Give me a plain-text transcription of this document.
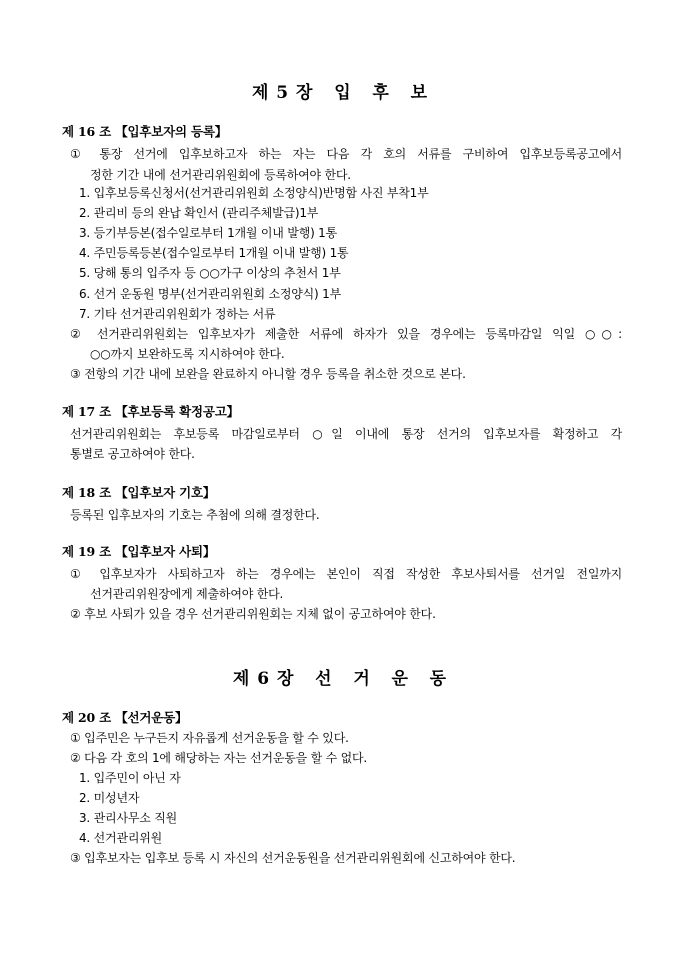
제 5 장   입   후   보
제 16 조 【입후보자의 등록】
① 통장 선거에 입후보하고자 하는 자는 다음 각 호의 서류를 구비하여 입후보등록공고에서
정한 기간 내에 선거관리위원회에 등록하여야 한다.
1. 입후보등록신청서(선거관리위원회 소정양식)반명함 사진 부착1부
2. 관리비 등의 완납 확인서 (관리주체발급)1부
3. 등기부등본(접수일로부터 1개월 이내 발행) 1통
4. 주민등록등본(접수일로부터 1개월 이내 발행) 1통
5. 당해 통의 입주자 등 ○○가구 이상의 추천서 1부
6. 선거 운동원 명부(선거관리위원회 소정양식) 1부
7. 기타 선거관리위원회가 정하는 서류
② 선거관리위원회는 입후보자가 제출한 서류에 하자가 있을 경우에는 등록마감일 익일 ○○:
○○까지 보완하도록 지시하여야 한다.
③ 전항의 기간 내에 보완을 완료하지 아니할 경우 등록을 취소한 것으로 본다.
제 17 조 【후보등록 확정공고】
선거관리위원회는 후보등록 마감일로부터 ○일 이내에 통장 선거의 입후보자를 확정하고 각
통별로 공고하여야 한다.
제 18 조 【입후보자 기호】
등록된 입후보자의 기호는 추첨에 의해 결정한다.
제 19 조 【입후보자 사퇴】
① 입후보자가 사퇴하고자 하는 경우에는 본인이 직접 작성한 후보사퇴서를 선거일 전일까지
선거관리위원장에게 제출하여야 한다.
② 후보 사퇴가 있을 경우 선거관리위원회는 지체 없이 공고하여야 한다.
제 6 장   선   거   운   동
제 20 조 【선거운동】
① 입주민은 누구든지 자유롭게 선거운동을 할 수 있다.
② 다음 각 호의 1에 해당하는 자는 선거운동을 할 수 없다.
1. 입주민이 아닌 자
2. 미성년자
3. 관리사무소 직원
4. 선거관리위원
③ 입후보자는 입후보 등록 시 자신의 선거운동원을 선거관리위원회에 신고하여야 한다.
